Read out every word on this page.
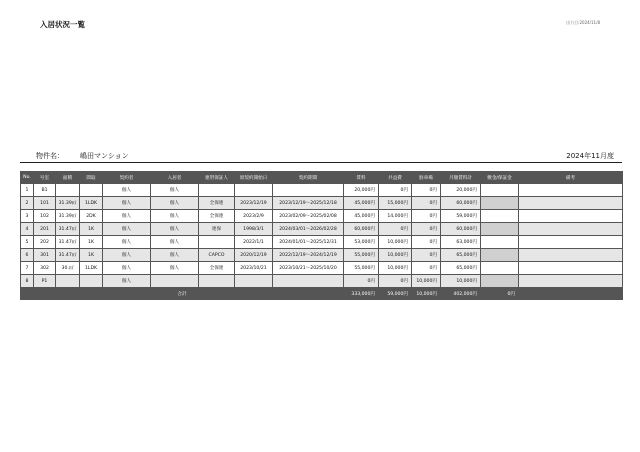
入居状況一覧	出力日:2024/11/8
物件名： 嶋田マンション	2024年11月度
No.	号室	面積	間取	契約者	入居者	連帯保証人	原契約開始日	契約期間	賃料	共益費	駐車場	月額賃料計	敷金/保証金	備考
1	B1			個人	個人				20,000円	0円	0円	20,000円		
2	101	31.39㎡	1LDK	個人	個人	全保連	2023/12/19	2023/12/19〜2025/12/18	45,000円	15,000円	0円	60,000円		
3	102	31.39㎡	2DK	個人	個人	全保連	2023/2/9	2023/02/09〜2025/02/08	45,000円	14,000円	0円	59,000円		
4	201	31.47㎡	1K	個人	個人	連保	1998/3/1	2024/03/01〜2026/02/28	60,000円	0円	0円	60,000円		
5	202	31.47㎡	1K	個人	個人		2022/1/1	2024/01/01〜2025/12/31	53,000円	10,000円	0円	63,000円		
6	301	31.47㎡	1K	個人	個人	CAPCO	2020/12/19	2022/12/19〜2024/12/19	55,000円	10,000円	0円	65,000円		
7	302	30.㎡	1LDK	個人	個人	全保連	2023/10/21	2023/10/21〜2025/10/20	55,000円	10,000円	0円	65,000円		
8	P1			個人					0円	0円	10,000円	10,000円		
合計									333,000円	59,000円	10,000円	402,000円	0円	
